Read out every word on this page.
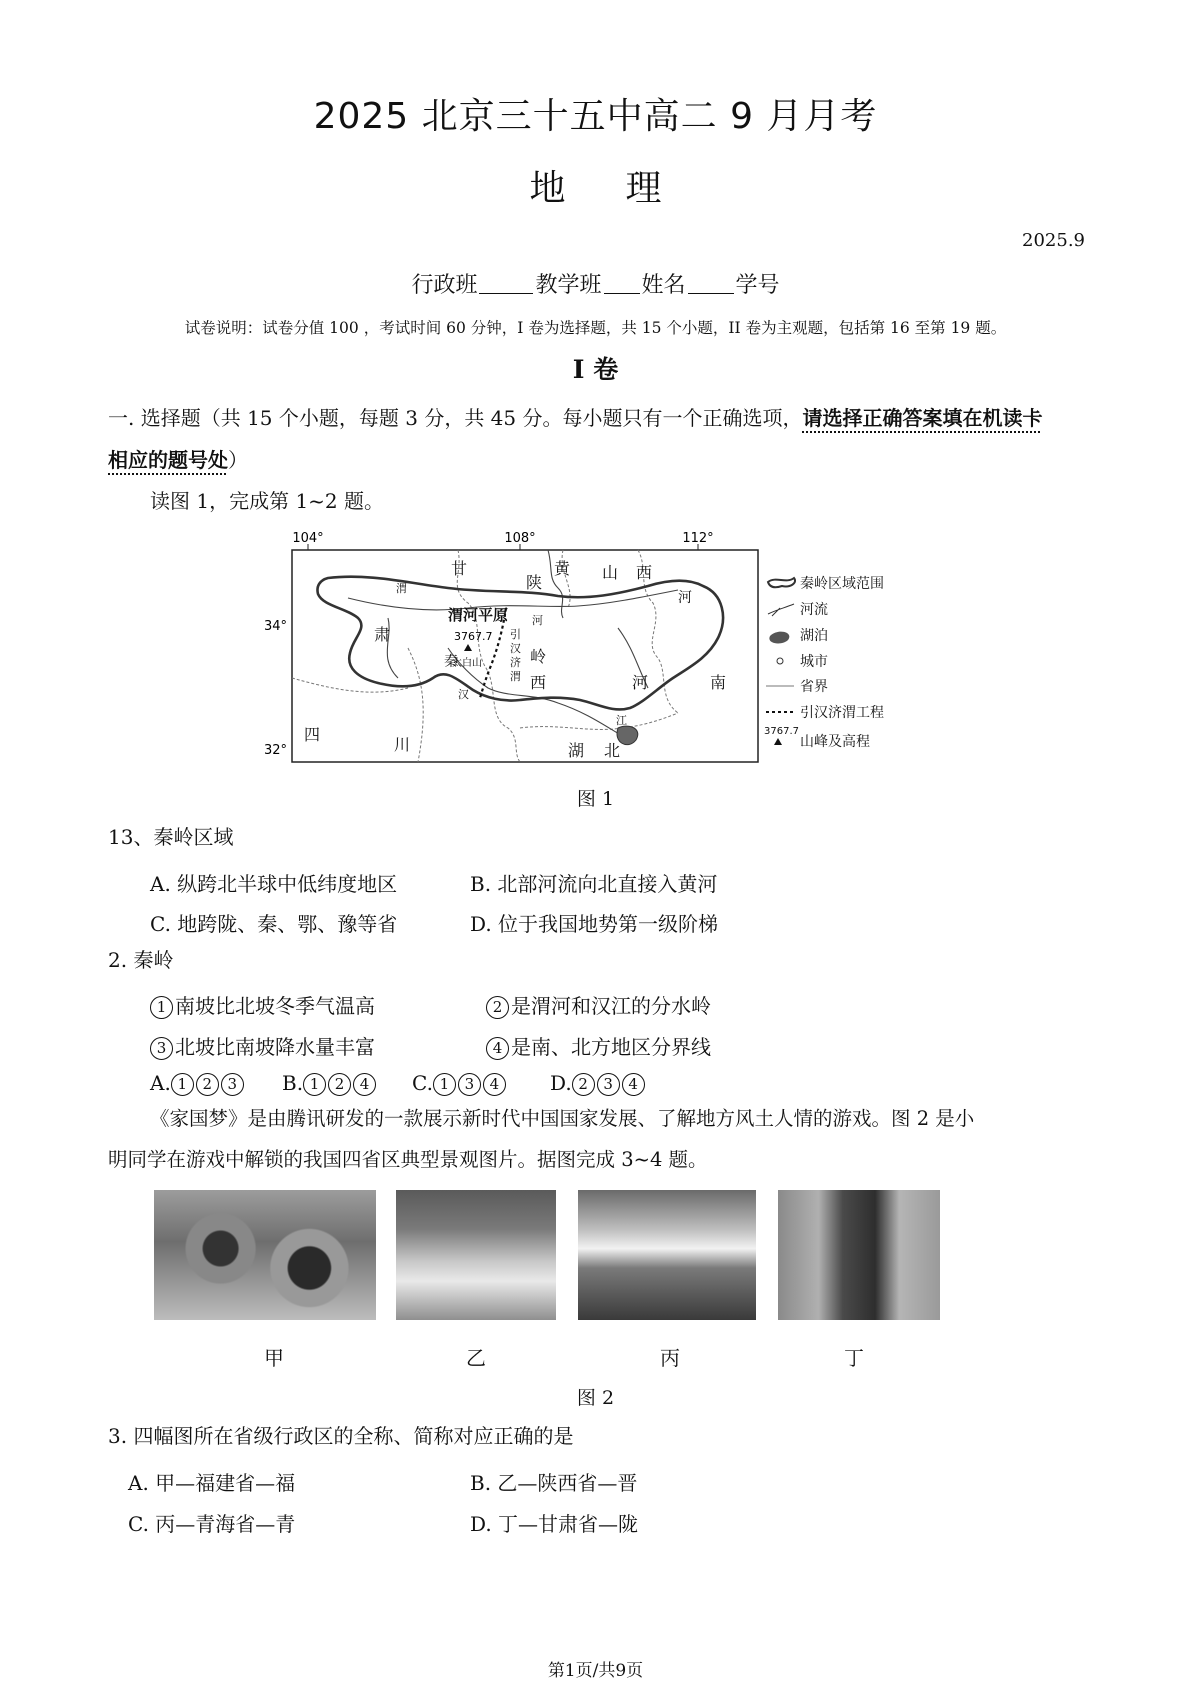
2025 北京三十五中高二 9 月月考
地理
2025.9
行政班	教学班 姓名 学号
试卷说明：试卷分值 100 ，考试时间 60 分钟，I 卷为选择题，共 15 个小题，II 卷为主观题，包括第 16 至第 19 题。
I 卷
一. 选择题（共 15 个小题，每题 3 分，共 45 分。每小题只有一个正确选项，请选择正确答案填在机读卡
相应的题号处）
读图 1，完成第 1~2 题。
104°	108°	112°
34°
32°
甘
陕
黄 山 西
河
肃
渭河平原
秦	岭
西	河	南
四
川	湖 北
渭
河
汉
江
引
汉
济
渭
3767.7
太白山
秦岭区域范围
河流
湖泊
城市
省界
引汉济渭工程
3767.7
山峰及高程
图 1
13、秦岭区域
A. 纵跨北半球中低纬度地区	B. 北部河流向北直接入黄河
C. 地跨陇、秦、鄂、豫等省	D. 位于我国地势第一级阶梯
2. 秦岭
1 南坡比北坡冬季气温高	2 是渭河和汉江的分水岭
3 北坡比南坡降水量丰富	4 是南、北方地区分界线
A. 1 2 3	B. 1 2 4	C. 1 3 4	D. 2 3 4
《家国梦》是由腾讯研发的一款展示新时代中国国家发展、了解地方风土人情的游戏。图 2 是小
明同学在游戏中解锁的我国四省区典型景观图片。据图完成 3~4 题。
甲	乙	丙	丁
图 2
3. 四幅图所在省级行政区的全称、简称对应正确的是
A. 甲—福建省—福	B. 乙—陕西省—晋
C. 丙—青海省—青	D. 丁—甘肃省—陇
第1页/共9页
